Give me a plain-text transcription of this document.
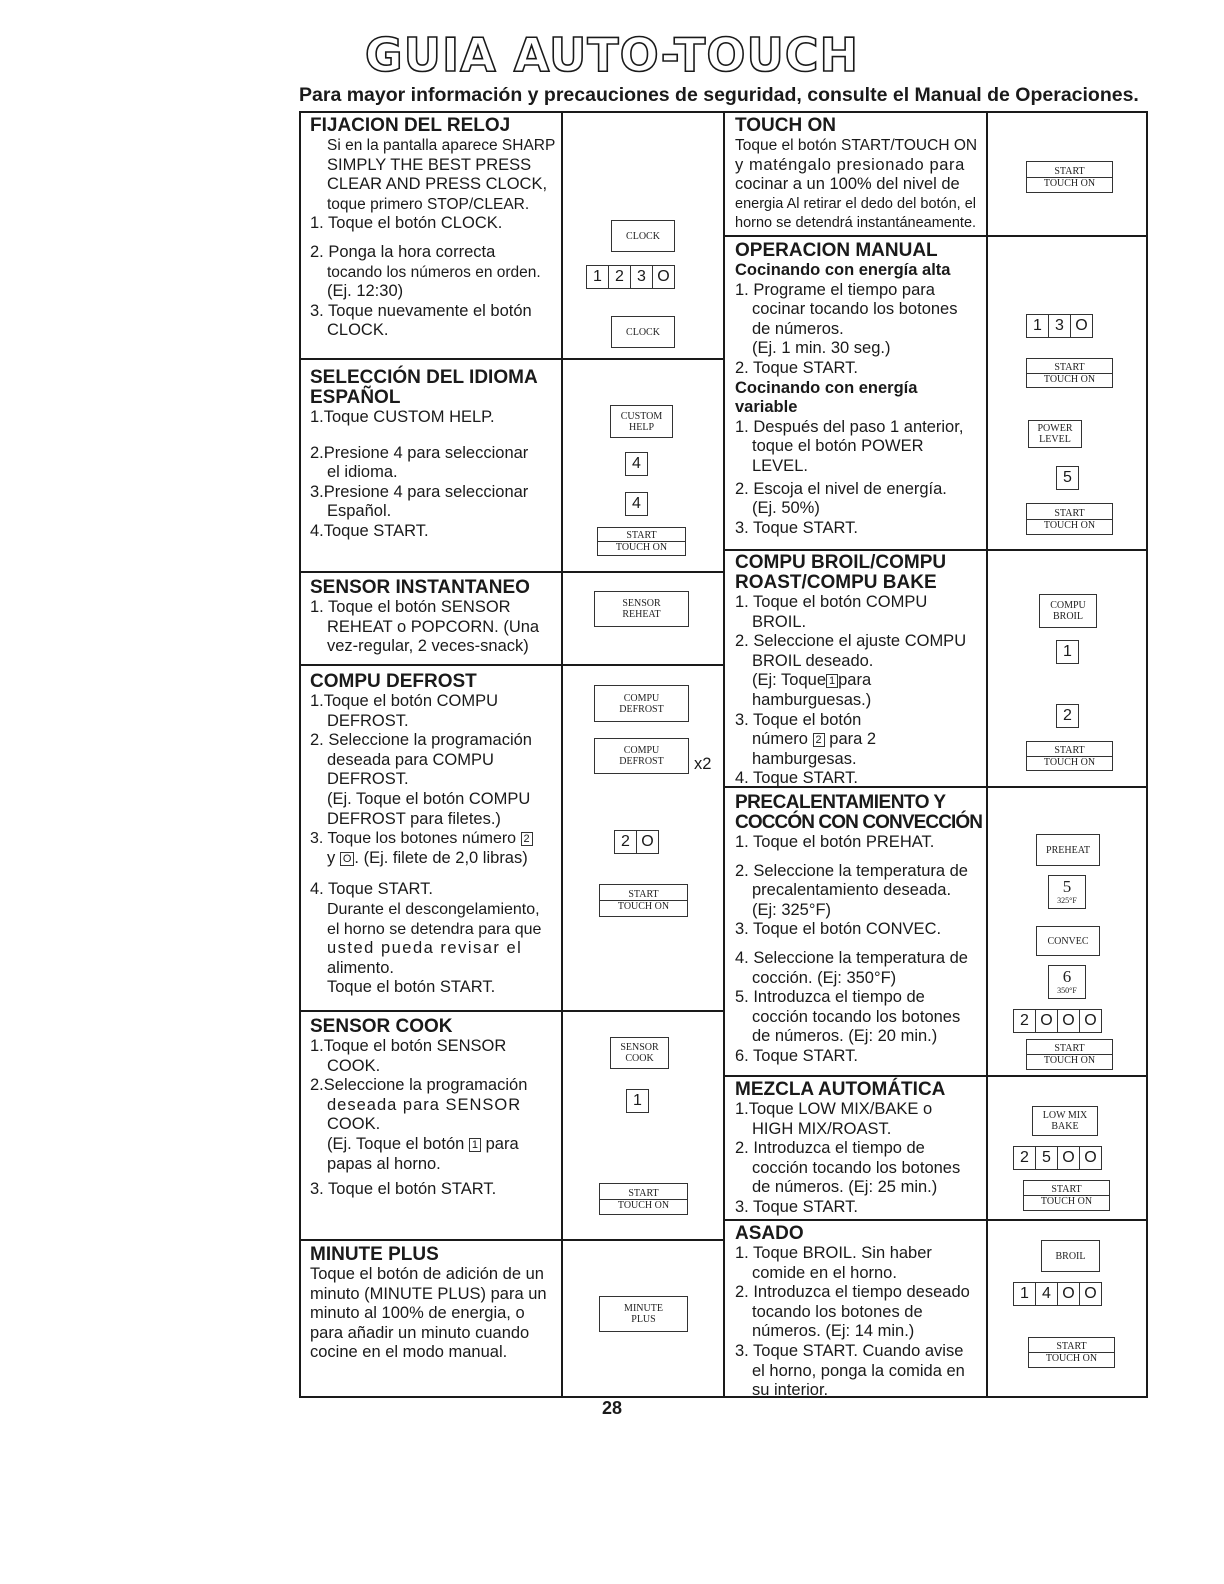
GUIA AUTO-TOUCH
Para mayor información y precauciones de seguridad, consulte el Manual de Operaciones.
FIJACION DEL RELOJ
Si en la pantalla aparece SHARP
SIMPLY THE BEST PRESS
CLEAR AND PRESS CLOCK,
toque primero STOP/CLEAR.
1. Toque el botón CLOCK.
2. Ponga la hora correcta
tocando los números en orden.
(Ej. 12:30)
3. Toque nuevamente el botón
CLOCK.
SELECCIÓN DEL IDIOMA
ESPAÑOL
1.Toque CUSTOM HELP.
2.Presione 4 para seleccionar
el idioma.
3.Presione 4 para seleccionar
Español.
4.Toque START.
SENSOR INSTANTANEO
1. Toque el botón SENSOR
REHEAT o POPCORN. (Una
vez-regular, 2 veces-snack)
COMPU DEFROST
1.Toque el botón COMPU
DEFROST.
2. Seleccione la programación
deseada para COMPU
DEFROST.
(Ej. Toque el botón COMPU
DEFROST para filetes.)
3. Toque los botones número 2
y O . (Ej. filete de 2,0 libras)
4. Toque START.
Durante el descongelamiento,
el horno se detendra para que
usted pueda revisar el
alimento.
Toque el botón START.
SENSOR COOK
1.Toque el botón SENSOR
COOK.
2.Seleccione la programación
deseada para SENSOR
COOK.
(Ej. Toque el botón 1 para
papas al horno.
3. Toque el botón START.
MINUTE PLUS
Toque el botón de adición de un
minuto (MINUTE PLUS) para un
minuto al 100% de energia, o
para añadir un minuto cuando
cocine en el modo manual.
CLOCK
1 2 3 O
CLOCK
CUSTOM
HELP
4
4
START
TOUCH ON
SENSOR
REHEAT
COMPU
DEFROST
COMPU
DEFROST x2
2 O
START
TOUCH ON
SENSOR
COOK
1
START
TOUCH ON
MINUTE
PLUS
TOUCH ON
Toque el botón START/TOUCH ON
y maténgalo presionado para
cocinar a un 100% del nivel de
energia Al retirar el dedo del botón, el
horno se detendrá instantáneamente.
OPERACION MANUAL
Cocinando con energía alta
1. Programe el tiempo para
cocinar tocando los botones
de números.
(Ej. 1 min. 30 seg.)
2. Toque START.
Cocinando con energía
variable
1. Después del paso 1 anterior,
toque el botón POWER
LEVEL.
2. Escoja el nivel de energía.
(Ej. 50%)
3. Toque START.
COMPU BROIL/COMPU
ROAST/COMPU BAKE
1. Toque el botón COMPU
BROIL.
2. Seleccione el ajuste COMPU
BROIL deseado.
(Ej: Toque 1 para
hamburguesas.)
3. Toque el botón
número 2 para 2
hamburgesas.
4. Toque START.
PRECALENTAMIENTO Y
COCCÓN CON CONVECCIÓN
1. Toque el botón PREHAT.
2. Seleccione la temperatura de
precalentamiento deseada.
(Ej: 325°F)
3. Toque el botón CONVEC.
4. Seleccione la temperatura de
cocción. (Ej: 350°F)
5. Introduzca el tiempo de
cocción tocando los botones
de números. (Ej: 20 min.)
6. Toque START.
MEZCLA AUTOMÁTICA
1.Toque LOW MIX/BAKE o
HIGH MIX/ROAST.
2. Introduzca el tiempo de
cocción tocando los botones
de números. (Ej: 25 min.)
3. Toque START.
ASADO
1. Toque BROIL. Sin haber
comide en el horno.
2. Introduzca el tiempo deseado
tocando los botones de
números. (Ej: 14 min.)
3. Toque START. Cuando avise
el horno, ponga la comida en
su interior.
START
TOUCH ON
1 3 O
START
TOUCH ON
POWER
LEVEL
5
START
TOUCH ON
COMPU
BROIL
1
2
START
TOUCH ON
PREHEAT
5
325°F
CONVEC
6
350°F
2 O O O
START
TOUCH ON
LOW MIX
BAKE
2 5 O O
START
TOUCH ON
BROIL
1 4 O O
START
TOUCH ON
28
